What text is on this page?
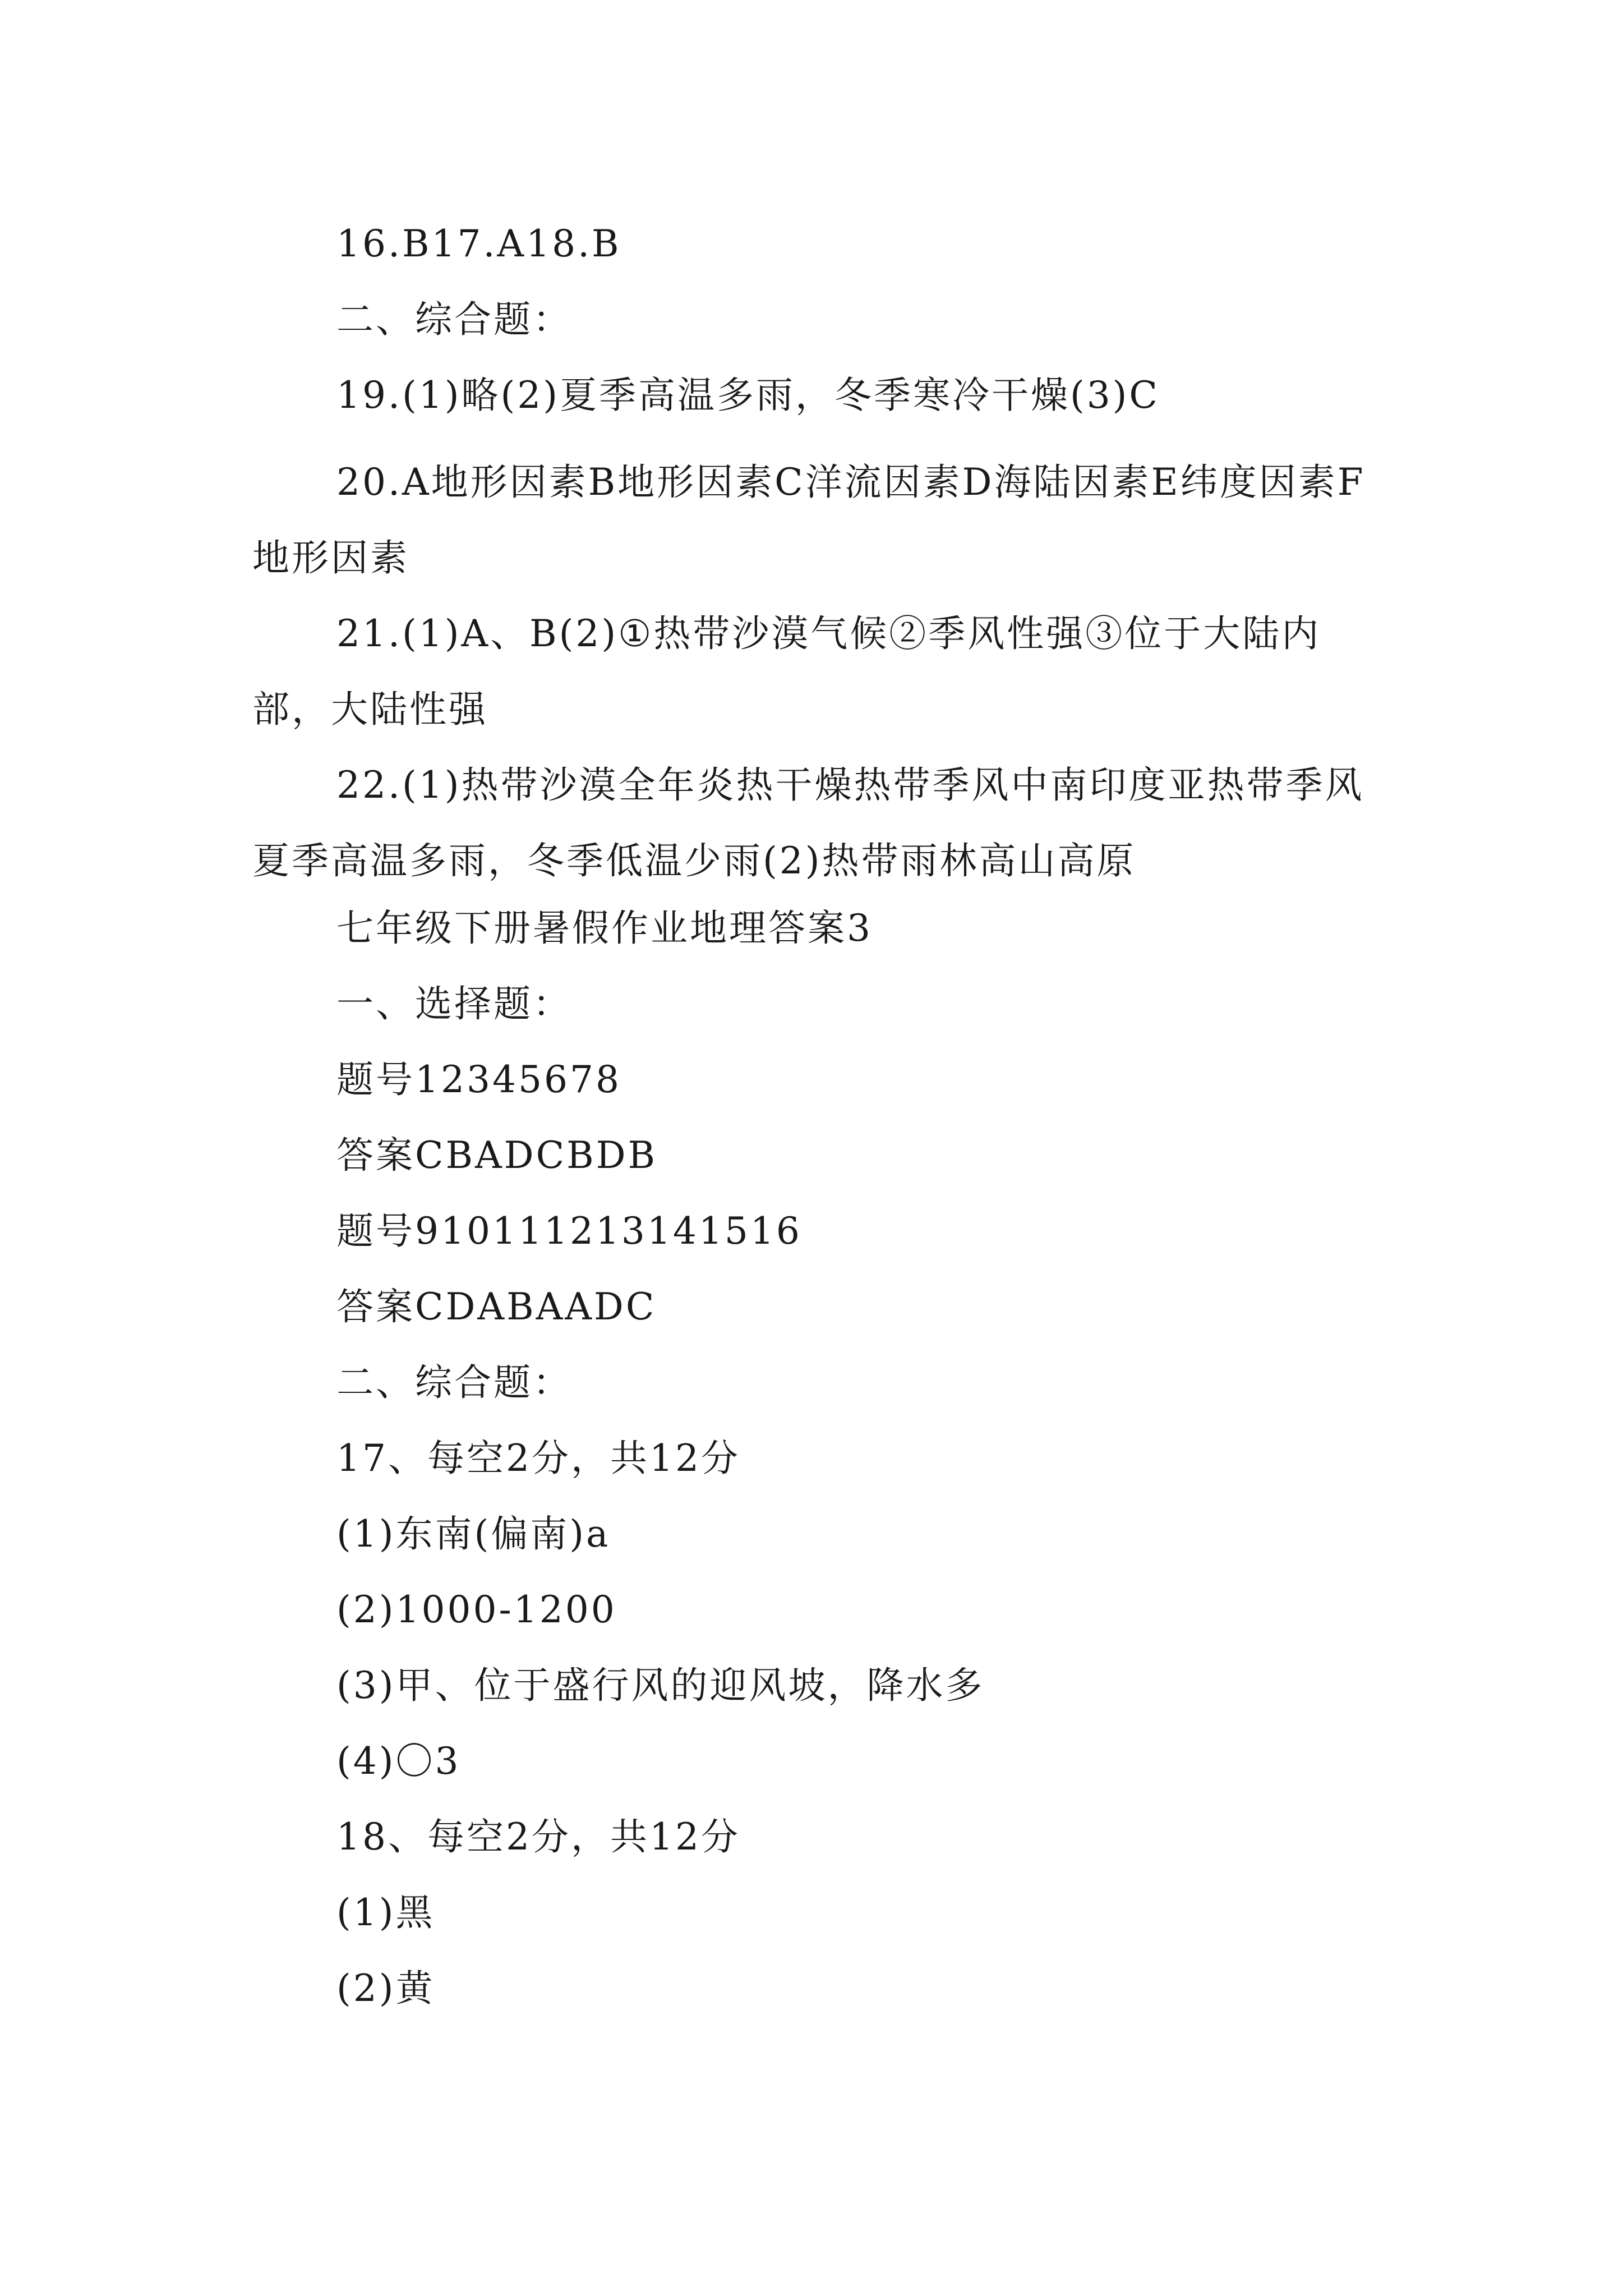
16.B17.A18.B
二、综合题：
19.(1)略(2)夏季高温多雨，冬季寒冷干燥(3)C
20.A地形因素B地形因素C洋流因素D海陆因素E纬度因素F地形因素
21.(1)A、B(2)①热带沙漠气候②季风性强③位于大陆内部，大陆性强
22.(1)热带沙漠全年炎热干燥热带季风中南印度亚热带季风夏季高温多雨，冬季低温少雨(2)热带雨林高山高原
七年级下册暑假作业地理答案3
一、选择题：
题号12345678
答案CBADCBDB
题号910111213141516
答案CDABAADC
二、综合题：
17、每空2分，共12分
(1)东南(偏南)a
(2)1000-1200
(3)甲、位于盛行风的迎风坡，降水多
(4)〇3
18、每空2分，共12分
(1)黑
(2)黄
